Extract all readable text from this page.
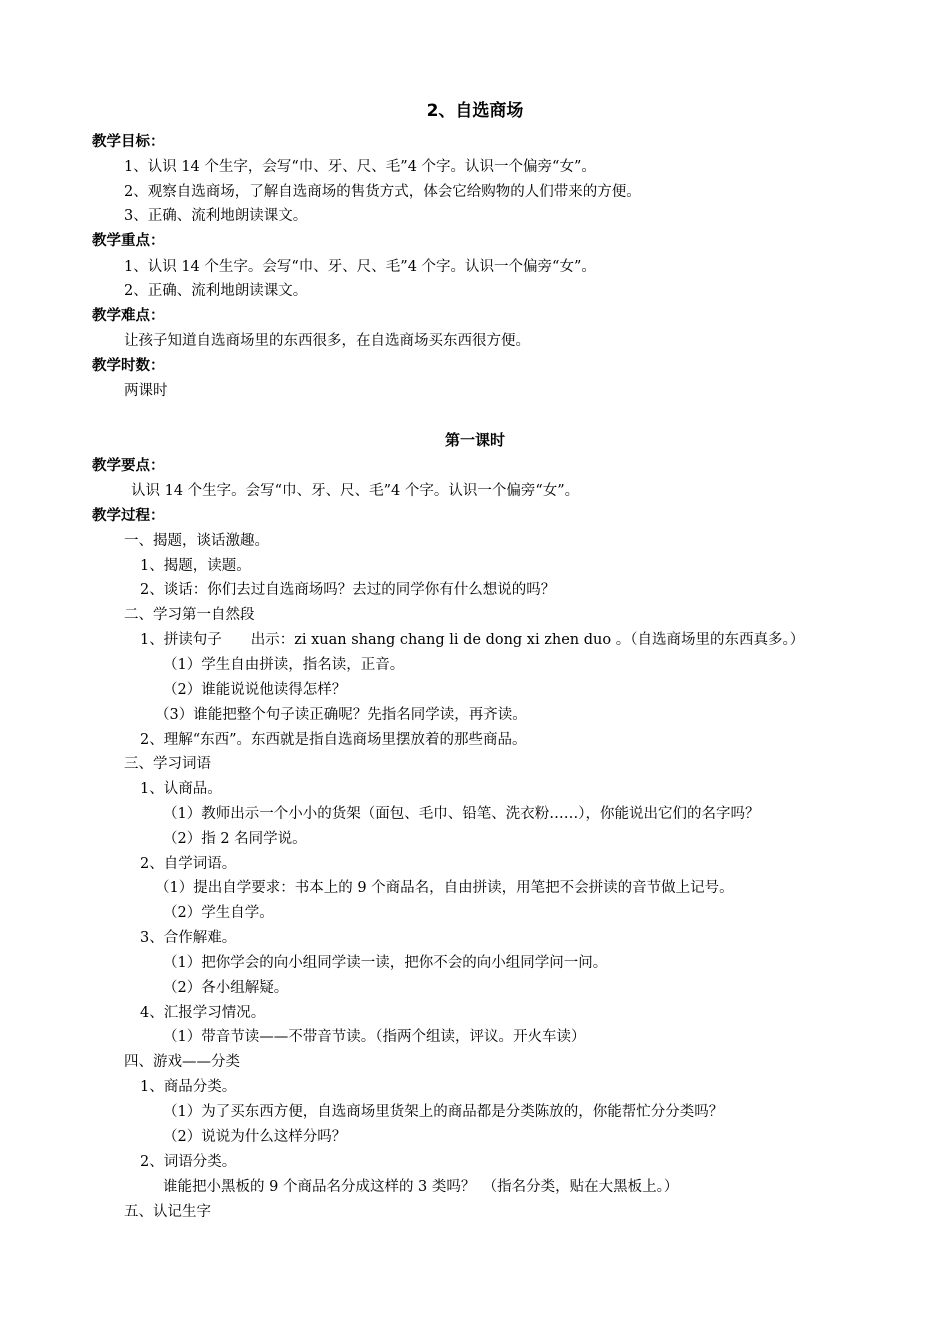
2、自选商场
教学目标：
1、认识 14 个生字，会写“巾、牙、尺、毛”4 个字。认识一个偏旁“女”。
2、观察自选商场，了解自选商场的售货方式，体会它给购物的人们带来的方便。
3、正确、流利地朗读课文。
教学重点：
1、认识 14 个生字。会写“巾、牙、尺、毛”4 个字。认识一个偏旁“女”。
2、正确、流利地朗读课文。
教学难点：
让孩子知道自选商场里的东西很多，在自选商场买东西很方便。
教学时数：
两课时
第一课时
教学要点：
认识 14 个生字。会写“巾、牙、尺、毛”4 个字。认识一个偏旁“女”。
教学过程：
一、揭题，谈话激趣。
1、揭题，读题。
2、谈话：你们去过自选商场吗？去过的同学你有什么想说的吗？
二、学习第一自然段
1、拼读句子　　出示：zi xuan shang chang li de dong xi zhen duo 。（自选商场里的东西真多。）
（1）学生自由拼读，指名读，正音。
（2）谁能说说他读得怎样？
（3）谁能把整个句子读正确呢？先指名同学读，再齐读。
2、理解“东西”。东西就是指自选商场里摆放着的那些商品。
三、学习词语
1、认商品。
（1）教师出示一个小小的货架（面包、毛巾、铅笔、洗衣粉……），你能说出它们的名字吗？
（2）指 2 名同学说。
2、自学词语。
（1）提出自学要求：书本上的 9 个商品名，自由拼读，用笔把不会拼读的音节做上记号。
（2）学生自学。
3、合作解难。
（1）把你学会的向小组同学读一读，把你不会的向小组同学问一问。
（2）各小组解疑。
4、汇报学习情况。
（1）带音节读——不带音节读。（指两个组读，评议。开火车读）
四、游戏——分类
1、商品分类。
（1）为了买东西方便，自选商场里货架上的商品都是分类陈放的，你能帮忙分分类吗？
（2）说说为什么这样分吗？
2、词语分类。
谁能把小黑板的 9 个商品名分成这样的 3 类吗？　（指名分类，贴在大黑板上。）
五、认记生字
